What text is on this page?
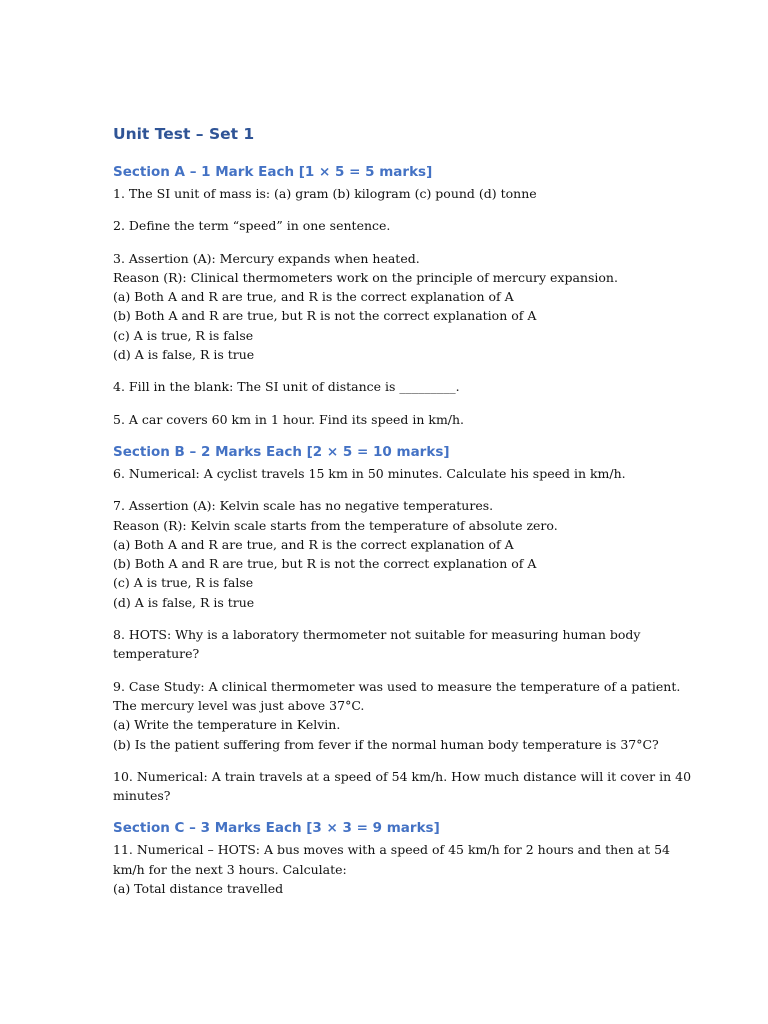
Unit Test – Set 1
Section A – 1 Mark Each [1 × 5 = 5 marks]
1. The SI unit of mass is: (a) gram (b) kilogram (c) pound (d) tonne
2. Define the term “speed” in one sentence.
3. Assertion (A): Mercury expands when heated.
Reason (R): Clinical thermometers work on the principle of mercury expansion.
(a) Both A and R are true, and R is the correct explanation of A
(b) Both A and R are true, but R is not the correct explanation of A
(c) A is true, R is false
(d) A is false, R is true
4. Fill in the blank: The SI unit of distance is _________.
5. A car covers 60 km in 1 hour. Find its speed in km/h.
Section B – 2 Marks Each [2 × 5 = 10 marks]
6. Numerical: A cyclist travels 15 km in 50 minutes. Calculate his speed in km/h.
7. Assertion (A): Kelvin scale has no negative temperatures.
Reason (R): Kelvin scale starts from the temperature of absolute zero.
(a) Both A and R are true, and R is the correct explanation of A
(b) Both A and R are true, but R is not the correct explanation of A
(c) A is true, R is false
(d) A is false, R is true
8. HOTS: Why is a laboratory thermometer not suitable for measuring human body
temperature?
9. Case Study: A clinical thermometer was used to measure the temperature of a patient.
The mercury level was just above 37°C.
(a) Write the temperature in Kelvin.
(b) Is the patient suffering from fever if the normal human body temperature is 37°C?
10. Numerical: A train travels at a speed of 54 km/h. How much distance will it cover in 40
minutes?
Section C – 3 Marks Each [3 × 3 = 9 marks]
11. Numerical – HOTS: A bus moves with a speed of 45 km/h for 2 hours and then at 54
km/h for the next 3 hours. Calculate:
(a) Total distance travelled
